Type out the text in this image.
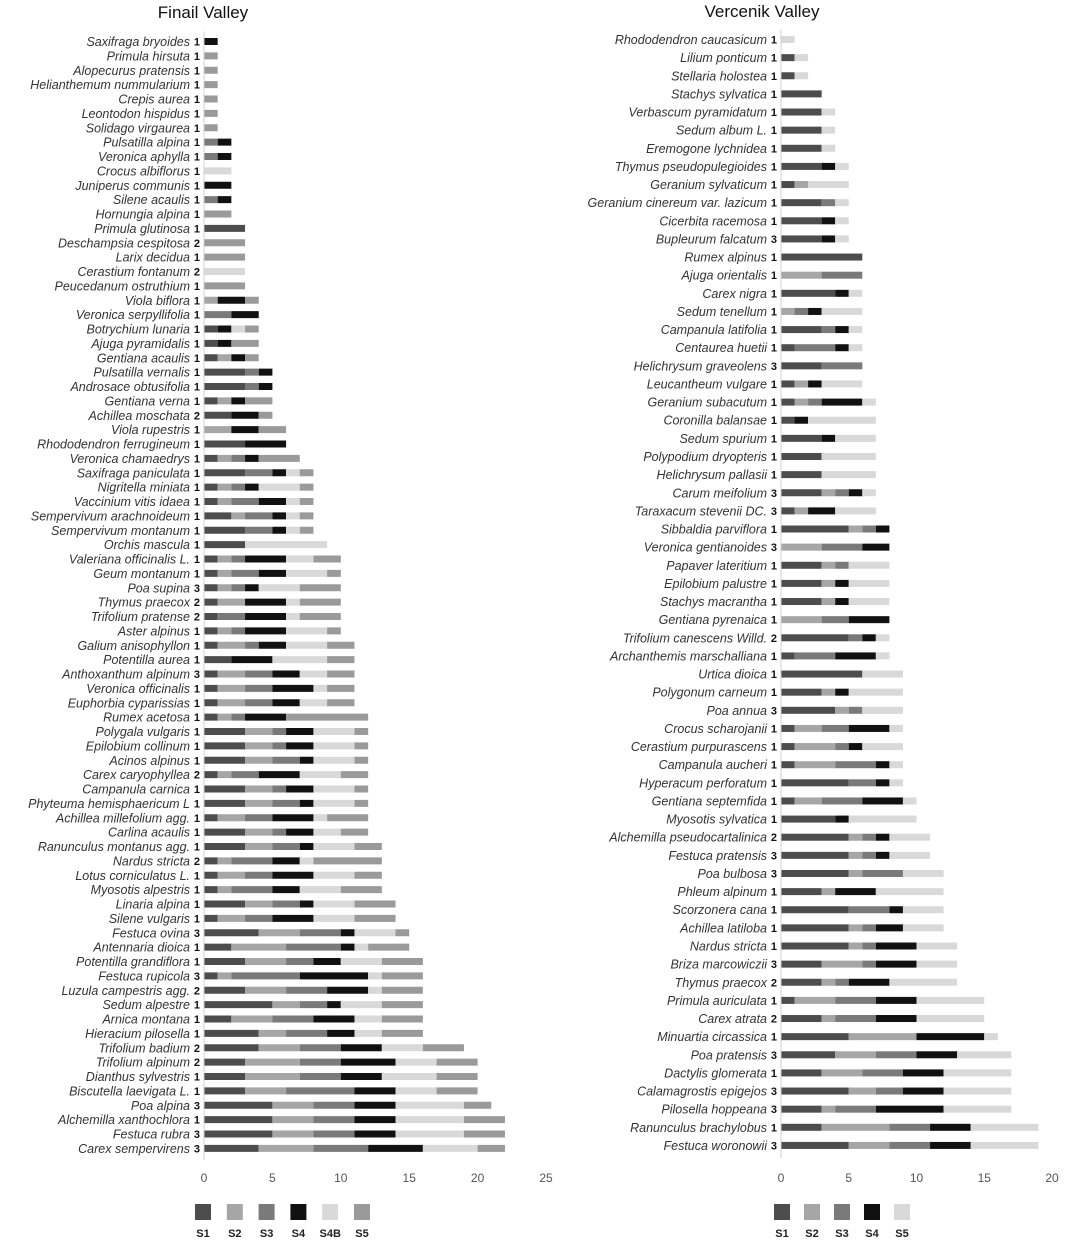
Finail Valley
Saxifraga bryoides 1
Primula hirsuta 1
Alopecurus pratensis 1
Helianthemum nummularium 1
Crepis aurea 1
Leontodon hispidus 1
Solidago virgaurea 1
Pulsatilla alpina 1
Veronica aphylla 1
Crocus albiflorus 1
Juniperus communis 1
Silene acaulis 1
Hornungia alpina 1
Primula glutinosa 1
Deschampsia cespitosa 2
Larix decidua 1
Cerastium fontanum 2
Peucedanum ostruthium 1
Viola biflora 1
Veronica serpyllifolia 1
Botrychium lunaria 1
Ajuga pyramidalis 1
Gentiana acaulis 1
Pulsatilla vernalis 1
Androsace obtusifolia 1
Gentiana verna 1
Achillea moschata 2
Viola rupestris 1
Rhododendron ferrugineum 1
Veronica chamaedrys 1
Saxifraga paniculata 1
Nigritella miniata 1
Vaccinium vitis idaea 1
Sempervivum arachnoideum 1
Sempervivum montanum 1
Orchis mascula 1
Valeriana officinalis L. 1
Geum montanum 1
Poa supina 3
Thymus praecox 2
Trifolium pratense 2
Aster alpinus 1
Galium anisophyllon 1
Potentilla aurea 1
Anthoxanthum alpinum 3
Veronica officinalis 1
Euphorbia cyparissias 1
Rumex acetosa 1
Polygala vulgaris 1
Epilobium collinum 1
Acinos alpinus 1
Carex caryophyllea 2
Campanula carnica 1
Phyteuma hemisphaericum L 1
Achillea millefolium agg. 1
Carlina acaulis 1
Ranunculus montanus agg. 1
Nardus stricta 2
Lotus corniculatus L. 1
Myosotis alpestris 1
Linaria alpina 1
Silene vulgaris 1
Festuca ovina 3
Antennaria dioica 1
Potentilla grandiflora 1
Festuca rupicola 3
Luzula campestris agg. 2
Sedum alpestre 1
Arnica montana 1
Hieracium pilosella 1
Trifolium badium 2
Trifolium alpinum 2
Dianthus sylvestris 1
Biscutella laevigata L. 1
Poa alpina 3
Alchemilla xanthochlora 1
Festuca rubra 3
Carex sempervirens 3
0	5	10	15	20	25
S1 S2 S3 S4 S4B S5
Vercenik Valley
Rhododendron caucasicum 1
Lilium ponticum 1
Stellaria holostea 1
Stachys sylvatica 1
Verbascum pyramidatum 1
Sedum album L. 1
Eremogone lychnidea 1
Thymus pseudopulegioides 1
Geranium sylvaticum 1
Geranium cinereum var. lazicum 1
Cicerbita racemosa 1
Bupleurum falcatum 3
Rumex alpinus 1
Ajuga orientalis 1
Carex nigra 1
Sedum tenellum 1
Campanula latifolia 1
Centaurea huetii 1
Helichrysum graveolens 3
Leucantheum vulgare 1
Geranium subacutum 1
Coronilla balansae 1
Sedum spurium 1
Polypodium dryopteris 1
Helichrysum pallasii 1
Carum meifolium 3
Taraxacum stevenii DC. 3
Sibbaldia parviflora 1
Veronica gentianoides 3
Papaver lateritium 1
Epilobium palustre 1
Stachys macrantha 1
Gentiana pyrenaica 1
Trifolium canescens Willd. 2
Archanthemis marschalliana 1
Urtica dioica 1
Polygonum carneum 1
Poa annua 3
Crocus scharojanii 1
Cerastium purpurascens 1
Campanula aucheri 1
Hyperacum perforatum 1
Gentiana septemfida 1
Myosotis sylvatica 1
Alchemilla pseudocartalinica 2
Festuca pratensis 3
Poa bulbosa 3
Phleum alpinum 1
Scorzonera cana 1
Achillea latiloba 1
Nardus stricta 1
Briza marcowiczii 3
Thymus praecox 2
Primula auriculata 1
Carex atrata 2
Minuartia circassica 1
Poa pratensis 3
Dactylis glomerata 1
Calamagrostis epigejos 3
Pilosella hoppeana 3
Ranunculus brachylobus 1
Festuca woronowii 3
0	5	10	15	20
S1 S2 S3 S4 S5
